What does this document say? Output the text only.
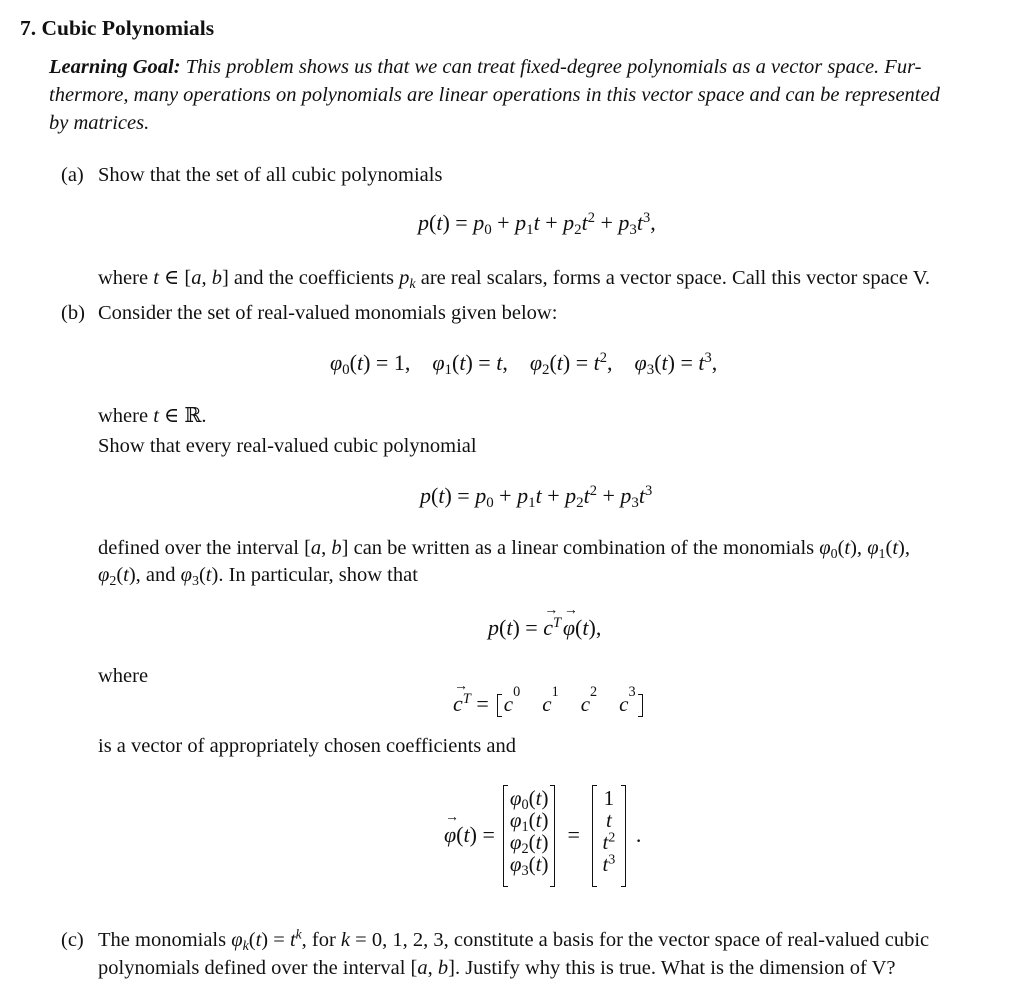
7. Cubic Polynomials
Learning Goal: This problem shows us that we can treat fixed-degree polynomials as a vector space. Fur-
thermore, many operations on polynomials are linear operations in this vector space and can be represented
by matrices.
(a) Show that the set of all cubic polynomials
$p(t) = p_0 + p_1t + p_2t^2 + p_3t^3$,
where t ∈ [a, b] and the coefficients $p_k$ are real scalars, forms a vector space. Call this vector space V.
(b) Consider the set of real-valued monomials given below:
$\varphi_0(t) = 1$,    $\varphi_1(t) = t$,    $\varphi_2(t) = t^2$,    $\varphi_3(t) = t^3$,
where t ∈ ℝ.
Show that every real-valued cubic polynomial
$p(t) = p_0 + p_1t + p_2t^2 + p_3t^3$
defined over the interval [a, b] can be written as a linear combination of the monomials $\varphi_0(t)$, $\varphi_1(t)$,
$\varphi_2(t)$, and $\varphi_3(t)$. In particular, show that
p(t) = c
→
$^T$ φ
→
(t),
where
c
→
$^T$ = c 0 c 1 c 2 c 3
is a vector of appropriately chosen coefficients and
φ
→
(t) =
$\varphi_0(t)$
$\varphi_1(t)$
$\varphi_2(t)$
$\varphi_3(t)$
=
1
t
$t^2$
$t^3$
.
(c) The monomials $\varphi_k(t) = t^k$, for k = 0, 1, 2, 3, constitute a basis for the vector space of real-valued cubic
polynomials defined over the interval [a, b]. Justify why this is true. What is the dimension of V?
